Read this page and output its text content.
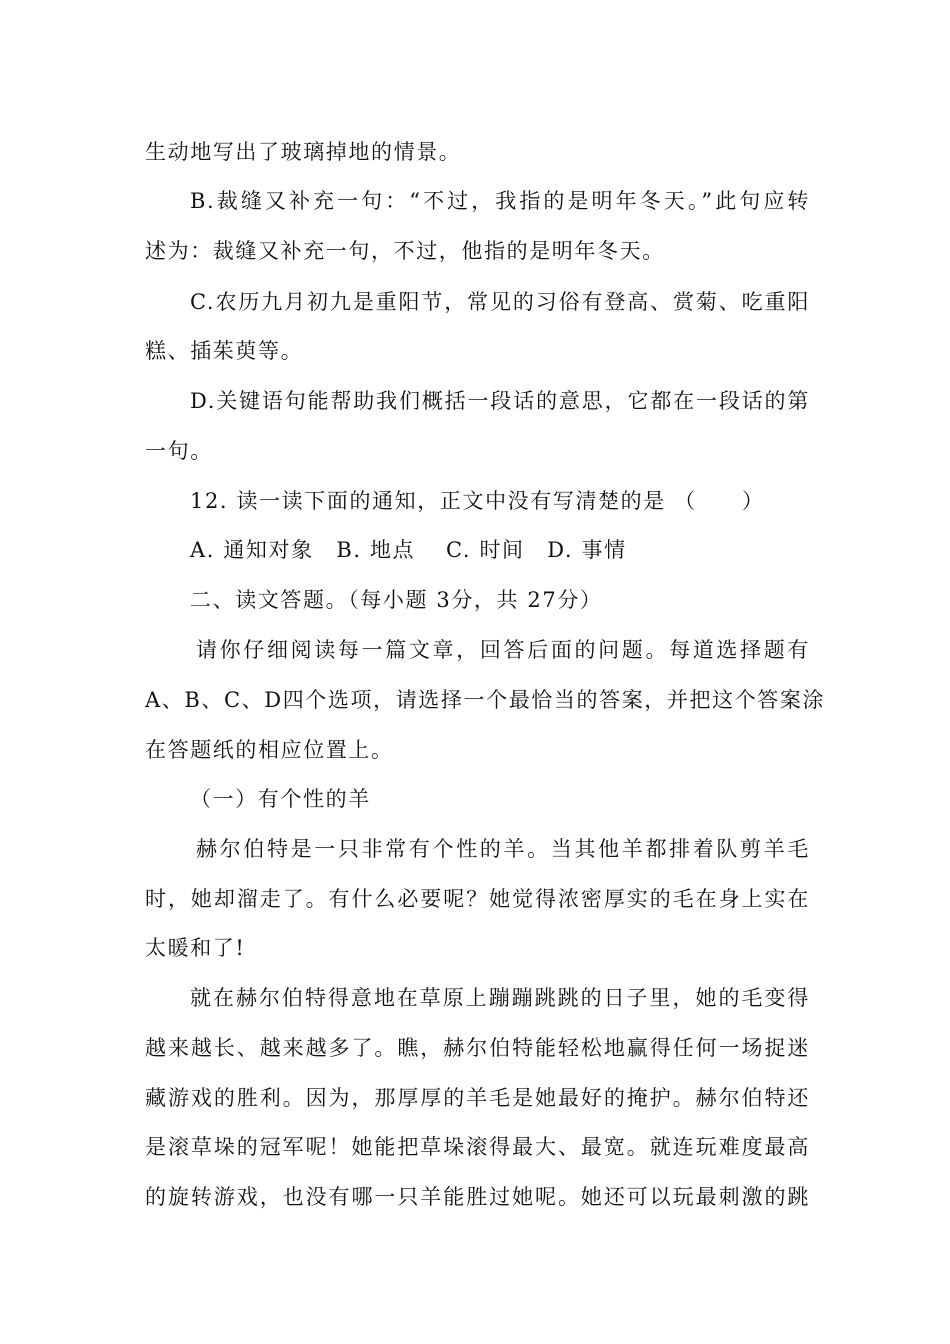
生动地写出了玻璃掉地的情景。
B.裁缝又补充一句：“不过，我指的是明年冬天。”此句应转
述为：裁缝又补充一句，不过，他指的是明年冬天。
C.农历九月初九是重阳节，常见的习俗有登高、赏菊、吃重阳
糕、插茱萸等。
D.关键语句能帮助我们概括一段话的意思，它都在一段话的第
一句。
12. 读一读下面的通知，正文中没有写清楚的是 （　　）
A. 通知对象　B. 地点　 C. 时间　D. 事情
二、读文答题。（每小题 3分，共 27分）
请你仔细阅读每一篇文章，回答后面的问题。每道选择题有
A、B、C、D四个选项，请选择一个最恰当的答案，并把这个答案涂
在答题纸的相应位置上。
（一）有个性的羊
赫尔伯特是一只非常有个性的羊。当其他羊都排着队剪羊毛
时，她却溜走了。有什么必要呢？她觉得浓密厚实的毛在身上实在
太暖和了!
就在赫尔伯特得意地在草原上蹦蹦跳跳的日子里，她的毛变得
越来越长、越来越多了。瞧，赫尔伯特能轻松地赢得任何一场捉迷
藏游戏的胜利。因为，那厚厚的羊毛是她最好的掩护。赫尔伯特还
是滚草垛的冠军呢！她能把草垛滚得最大、最宽。就连玩难度最高
的旋转游戏，也没有哪一只羊能胜过她呢。她还可以玩最刺激的跳
